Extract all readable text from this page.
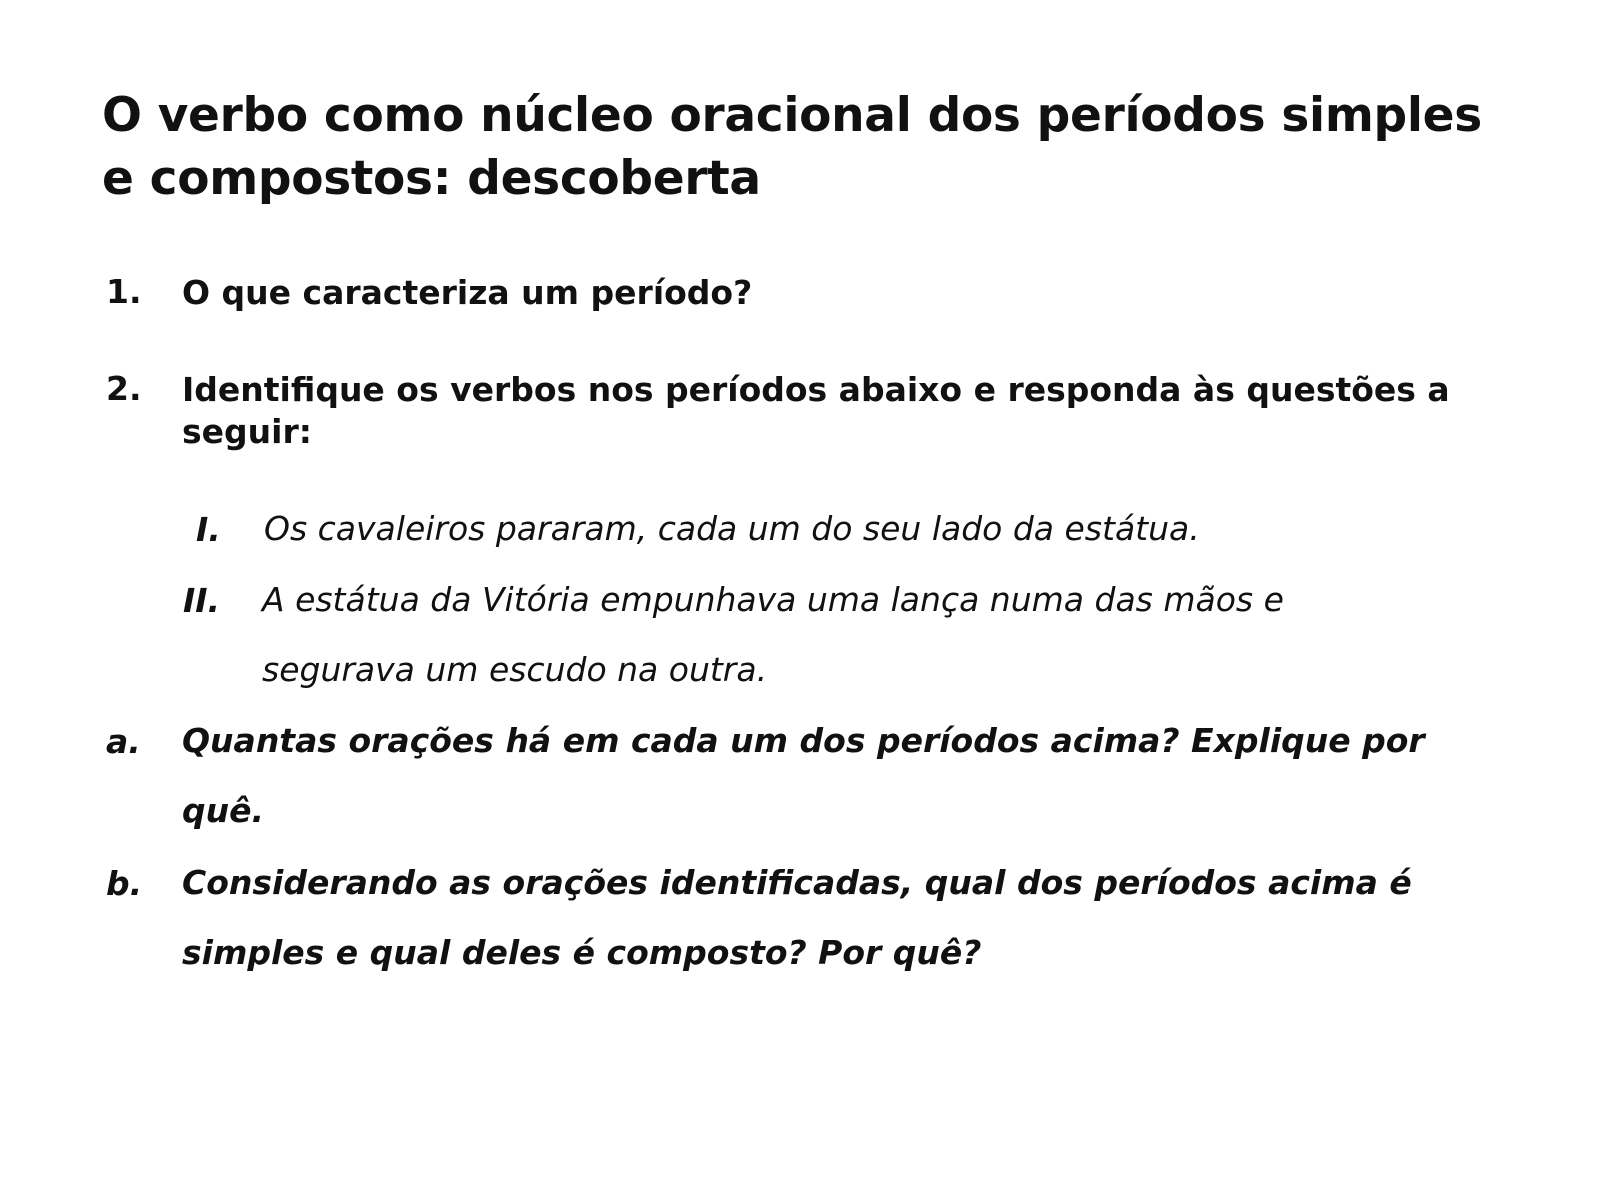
O verbo como núcleo oracional dos períodos simples e compostos: descoberta
1. O que caracteriza um período?
2. Identifique os verbos nos períodos abaixo e responda às questões a seguir:
I. Os cavaleiros pararam, cada um do seu lado da estátua.
II. A estátua da Vitória empunhava uma lança numa das mãos e segurava um escudo na outra.
a. Quantas orações há em cada um dos períodos acima? Explique por quê.
b. Considerando as orações identificadas, qual dos períodos acima é simples e qual deles é composto? Por quê?
